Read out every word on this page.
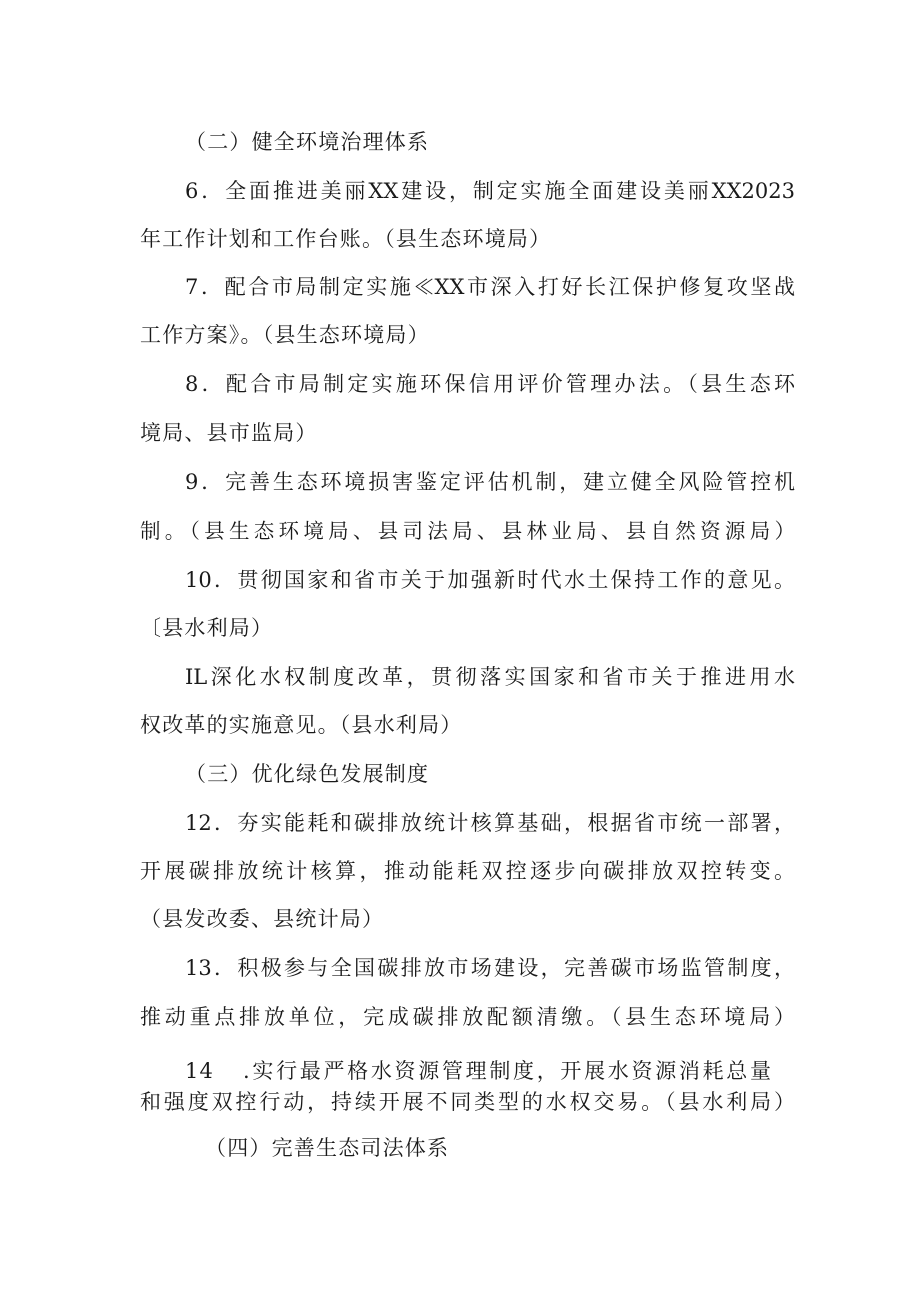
（二）健全环境治理体系
6．全面推进美丽XX建设，制定实施全面建设美丽XX2023
年工作计划和工作台账。（县生态环境局）
7．配合市局制定实施≪XX市深入打好长江保护修复攻坚战
工作方案》。（县生态环境局）
8．配合市局制定实施环保信用评价管理办法。（县生态环
境局、县市监局）
9．完善生态环境损害鉴定评估机制，建立健全风险管控机
制。（县生态环境局、县司法局、县林业局、县自然资源局）
10．贯彻国家和省市关于加强新时代水土保持工作的意见。
〔县水利局）
IL深化水权制度改革，贯彻落实国家和省市关于推进用水
权改革的实施意见。（县水利局）
（三）优化绿色发展制度
12．夯实能耗和碳排放统计核算基础，根据省市统一部署，
开展碳排放统计核算，推动能耗双控逐步向碳排放双控转变。
（县发改委、县统计局）
13．积极参与全国碳排放市场建设，完善碳市场监管制度，
推动重点排放单位，完成碳排放配额清缴。（县生态环境局）
14 .实行最严格水资源管理制度，开展水资源消耗总量
和强度双控行动，持续开展不同类型的水权交易。（县水利局）
（四）完善生态司法体系
